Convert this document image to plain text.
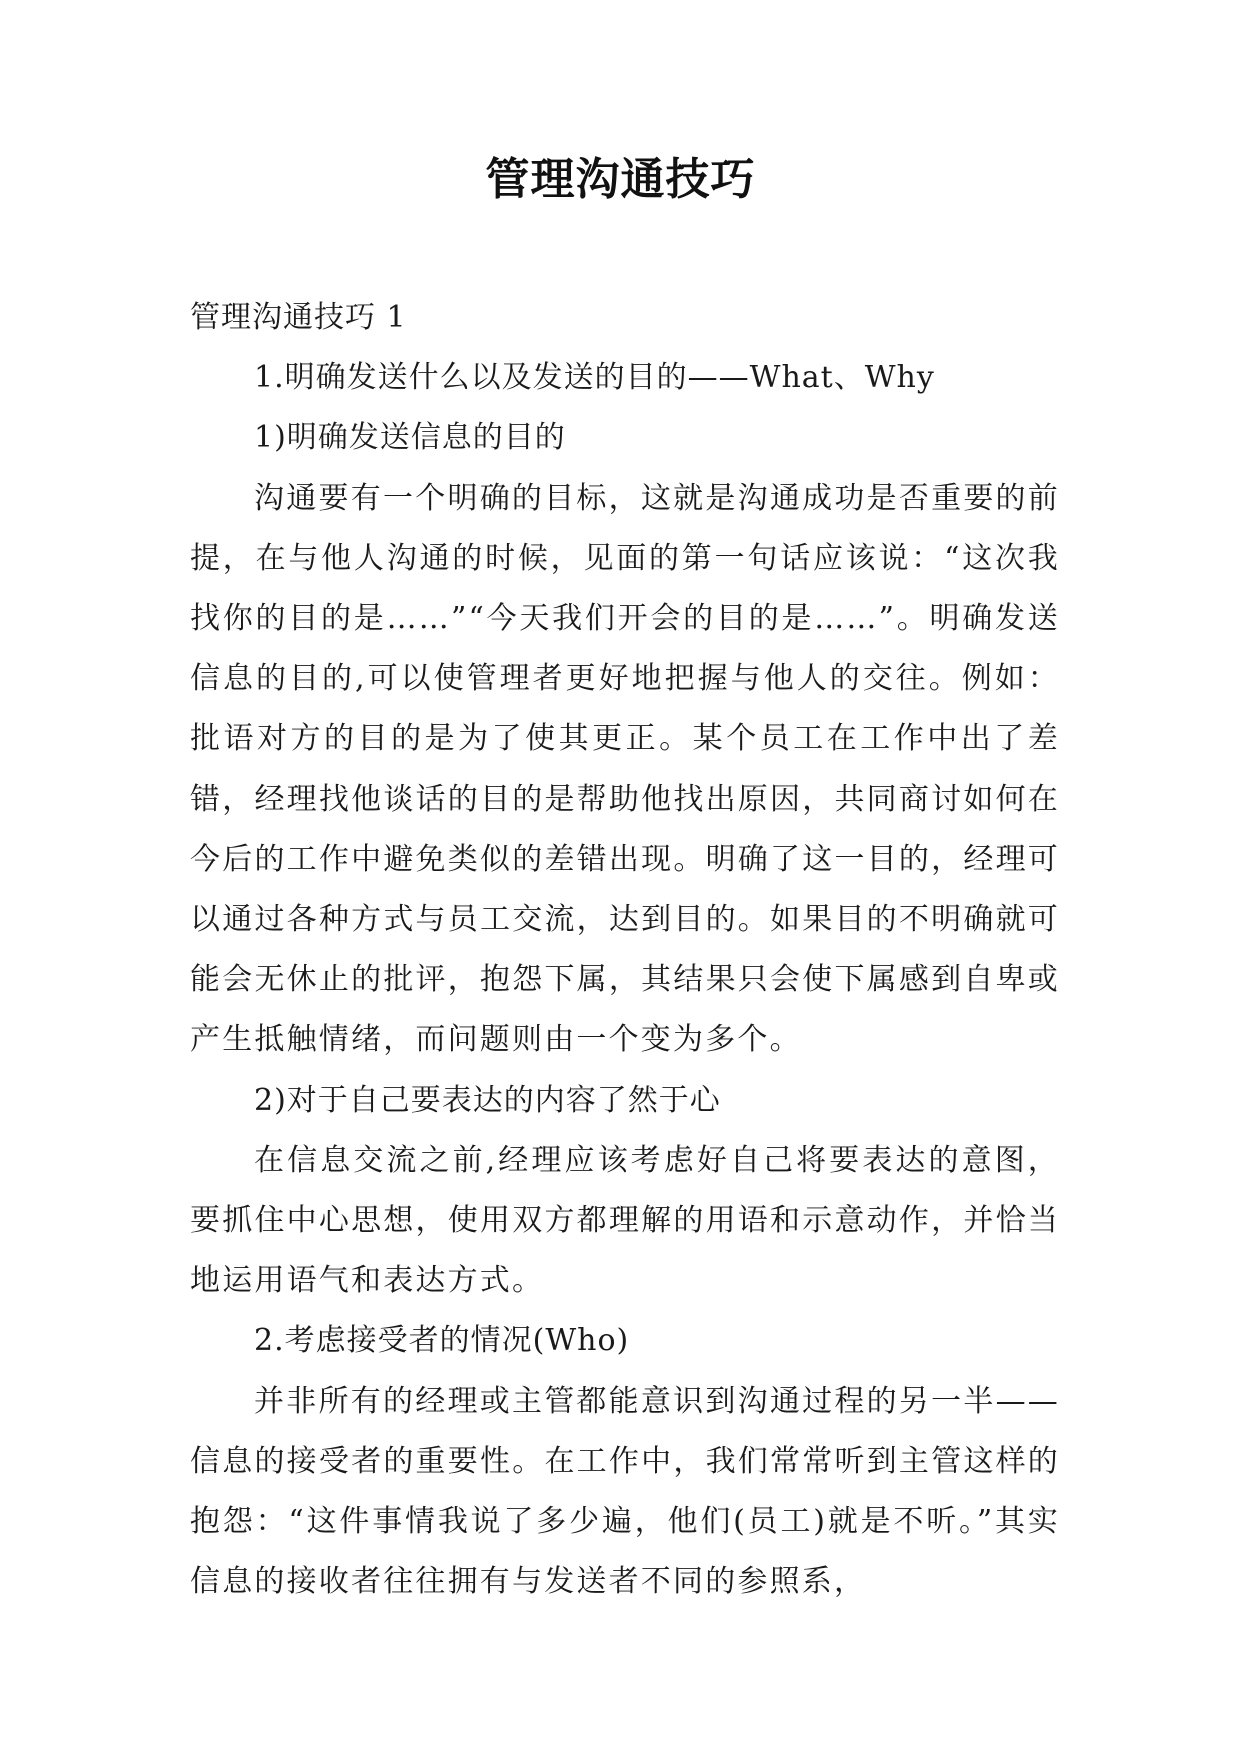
管理沟通技巧

管理沟通技巧 1

1.明确发送什么以及发送的目的——What、Why

1)明确发送信息的目的

沟通要有一个明确的目标，这就是沟通成功是否重要的前提，在与他人沟通的时候，见面的第一句话应该说：“这次我找你的目的是……”“今天我们开会的目的是……”。明确发送信息的目的,可以使管理者更好地把握与他人的交往。例如：批语对方的目的是为了使其更正。某个员工在工作中出了差错，经理找他谈话的目的是帮助他找出原因，共同商讨如何在今后的工作中避免类似的差错出现。明确了这一目的，经理可以通过各种方式与员工交流，达到目的。如果目的不明确就可能会无休止的批评，抱怨下属，其结果只会使下属感到自卑或产生抵触情绪，而问题则由一个变为多个。

2)对于自己要表达的内容了然于心

在信息交流之前,经理应该考虑好自己将要表达的意图，要抓住中心思想，使用双方都理解的用语和示意动作，并恰当地运用语气和表达方式。

2.考虑接受者的情况(Who)

并非所有的经理或主管都能意识到沟通过程的另一半——信息的接受者的重要性。在工作中，我们常常听到主管这样的抱怨：“这件事情我说了多少遍，他们(员工)就是不听。”其实信息的接收者往往拥有与发送者不同的参照系，
